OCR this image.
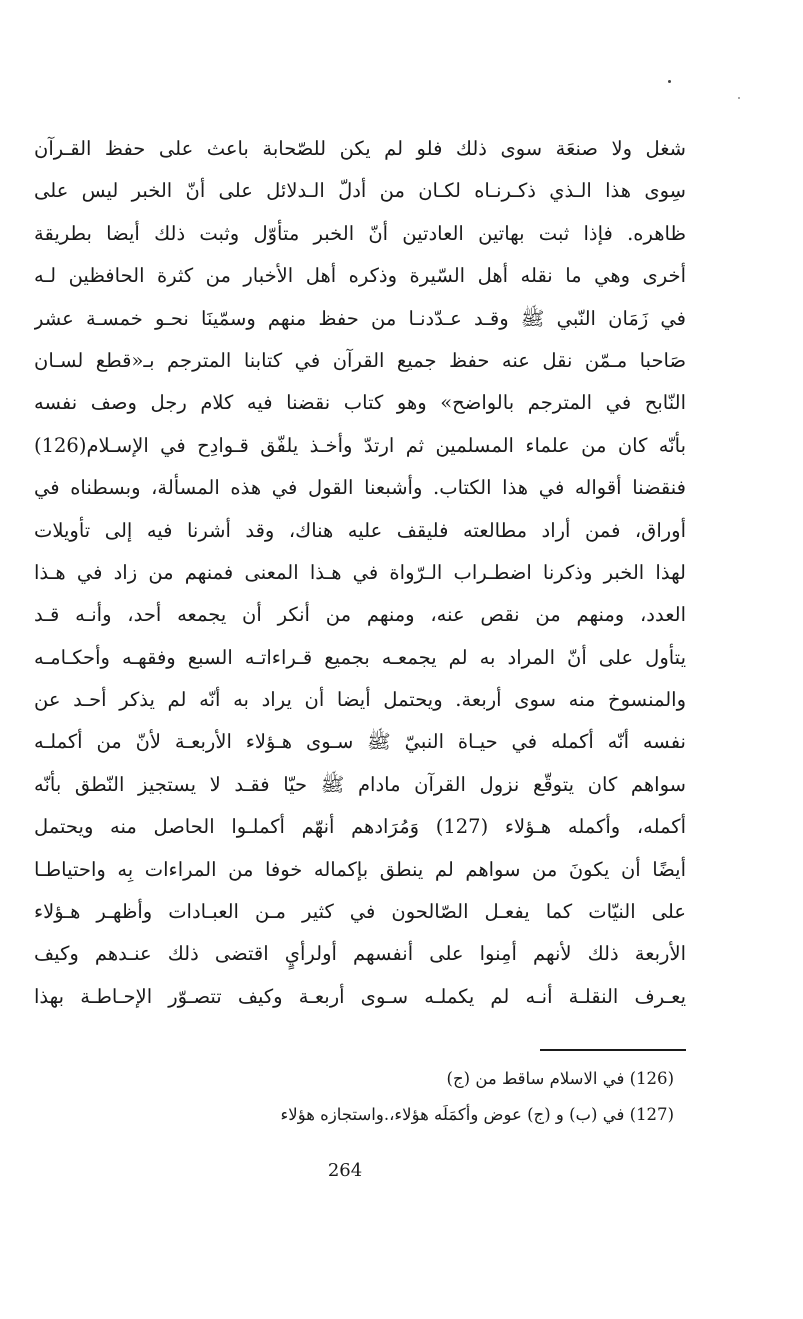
شغل ولا صنعَة سوى ذلك فلو لم يكن للصّحابة باعث على حفظ القـرآن
سِوى هذا الـذي ذكـرنـاه لكـان من أدلّ الـدلائل على أنّ الخبر ليس على
ظاهره. فإذا ثبت بهاتين العادتين أنّ الخبر متأوّل وثبت ذلك أيضا بطريقة
أخرى وهي ما نقله أهل السّيرة وذكره أهل الأخبار من كثرة الحافظين لـه
في زَمَان النّبي ﷺ وقـد عـدّدنـا من حفظ منهم وسمّينَا نحـو خمسـة عشر
صَاحبا مـمّن نقل عنه حفظ جميع القرآن في كتابنا المترجم بـ«قطع لسـان
النّابح في المترجم بالواضح» وهو كتاب نقضنا فيه كلام رجل وصف نفسه
بأنّه كان من علماء المسلمين ثم ارتدّ وأخـذ يلفّق قـوادِح في الإسـلام(126)
فنقضنا أقواله في هذا الكتاب. وأشبعنا القول في هذه المسألة، وبسطناه في
أوراق، فمن أراد مطالعته فليقف عليه هناك، وقد أشرنا فيه إلى تأويلات
لهذا الخبر وذكرنا اضطـراب الـرّواة في هـذا المعنى فمنهم من زاد في هـذا
العدد، ومنهم من نقص عنه، ومنهم من أنكر أن يجمعه أحد، وأنـه قـد
يتأول على أنّ المراد به لم يجمعـه بجميع قـراءاتـه السبع وفقهـه وأحكـامـه
والمنسوخ منه سوى أربعة. ويحتمل أيضا أن يراد به أنّه لم يذكر أحـد عن
نفسه أنّه أكمله في حيـاة النبيّ ﷺ سـوى هـؤلاء الأربعـة لأنّ من أكملـه
سواهم كان يتوقّع نزول القرآن مادام ﷺ حيّا فقـد لا يستجيز النّطق بأنّه
أكمله، وأكمله هـؤلاء (127) وَمُرَادهم أنهّم أكملـوا الحاصل منه ويحتمل
أيضًا أن يكونَ من سواهم لم ينطق بإكماله خوفا من المراءات بِه واحتياطـا
على النيّات كما يفعـل الصّالحون في كثير مـن العبـادات وأظهـر هـؤلاء
الأربعة ذلك لأنهم أمِنوا على أنفسهم أولرأيٍ اقتضى ذلك عنـدهم وكيف
يعـرف النقلـة أنـه لم يكملـه سـوى أربعـة وكيف تتصـوّر الإحـاطـة بهذا
(126) في الاسلام ساقط من (ج)
(127) في (ب) و (ج) عوض وأكمَلَه هؤلاء،.واستجازه هؤلاء
264
